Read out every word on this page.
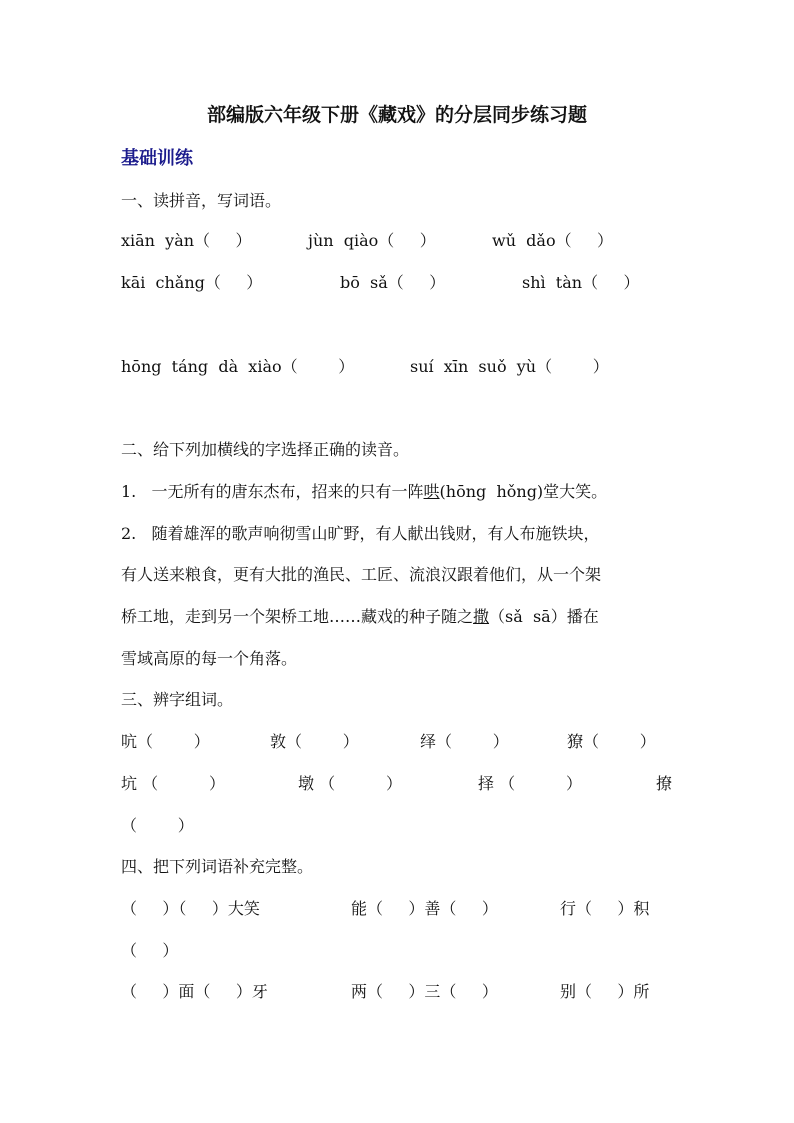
部编版六年级下册《藏戏》的分层同步练习题
基础训练
一、读拼音，写词语。
xiān  yàn（     ）	jùn  qiào（     ）	wǔ  dǎo（     ）
kāi  chǎng（     ）	bō  sǎ（     ）	shì  tàn（     ）
hōng  táng  dà  xiào（        ）	suí  xīn  suǒ  yù（        ）
二、给下列加横线的字选择正确的读音。
1.   一无所有的唐东杰布，招来的只有一阵哄(hōng  hǒng)堂大笑。
2.   随着雄浑的歌声响彻雪山旷野，有人献出钱财，有人布施铁块，
有人送来粮食，更有大批的渔民、工匠、流浪汉跟着他们，从一个架
桥工地，走到另一个架桥工地……藏戏的种子随之撒（sǎ  sā）播在
雪域高原的每一个角落。
三、辨字组词。
吭（        ）	敦（        ）	绎（        ）	獠（        ）
坑 （          ）	墩 （          ）	择 （          ）	撩
（        ）
四、把下列词语补充完整。
（     ）（     ）大笑	能（     ）善（     ）	行（     ）积
（     ）
（     ）面（     ）牙	两（     ）三（     ）	别（     ）所
